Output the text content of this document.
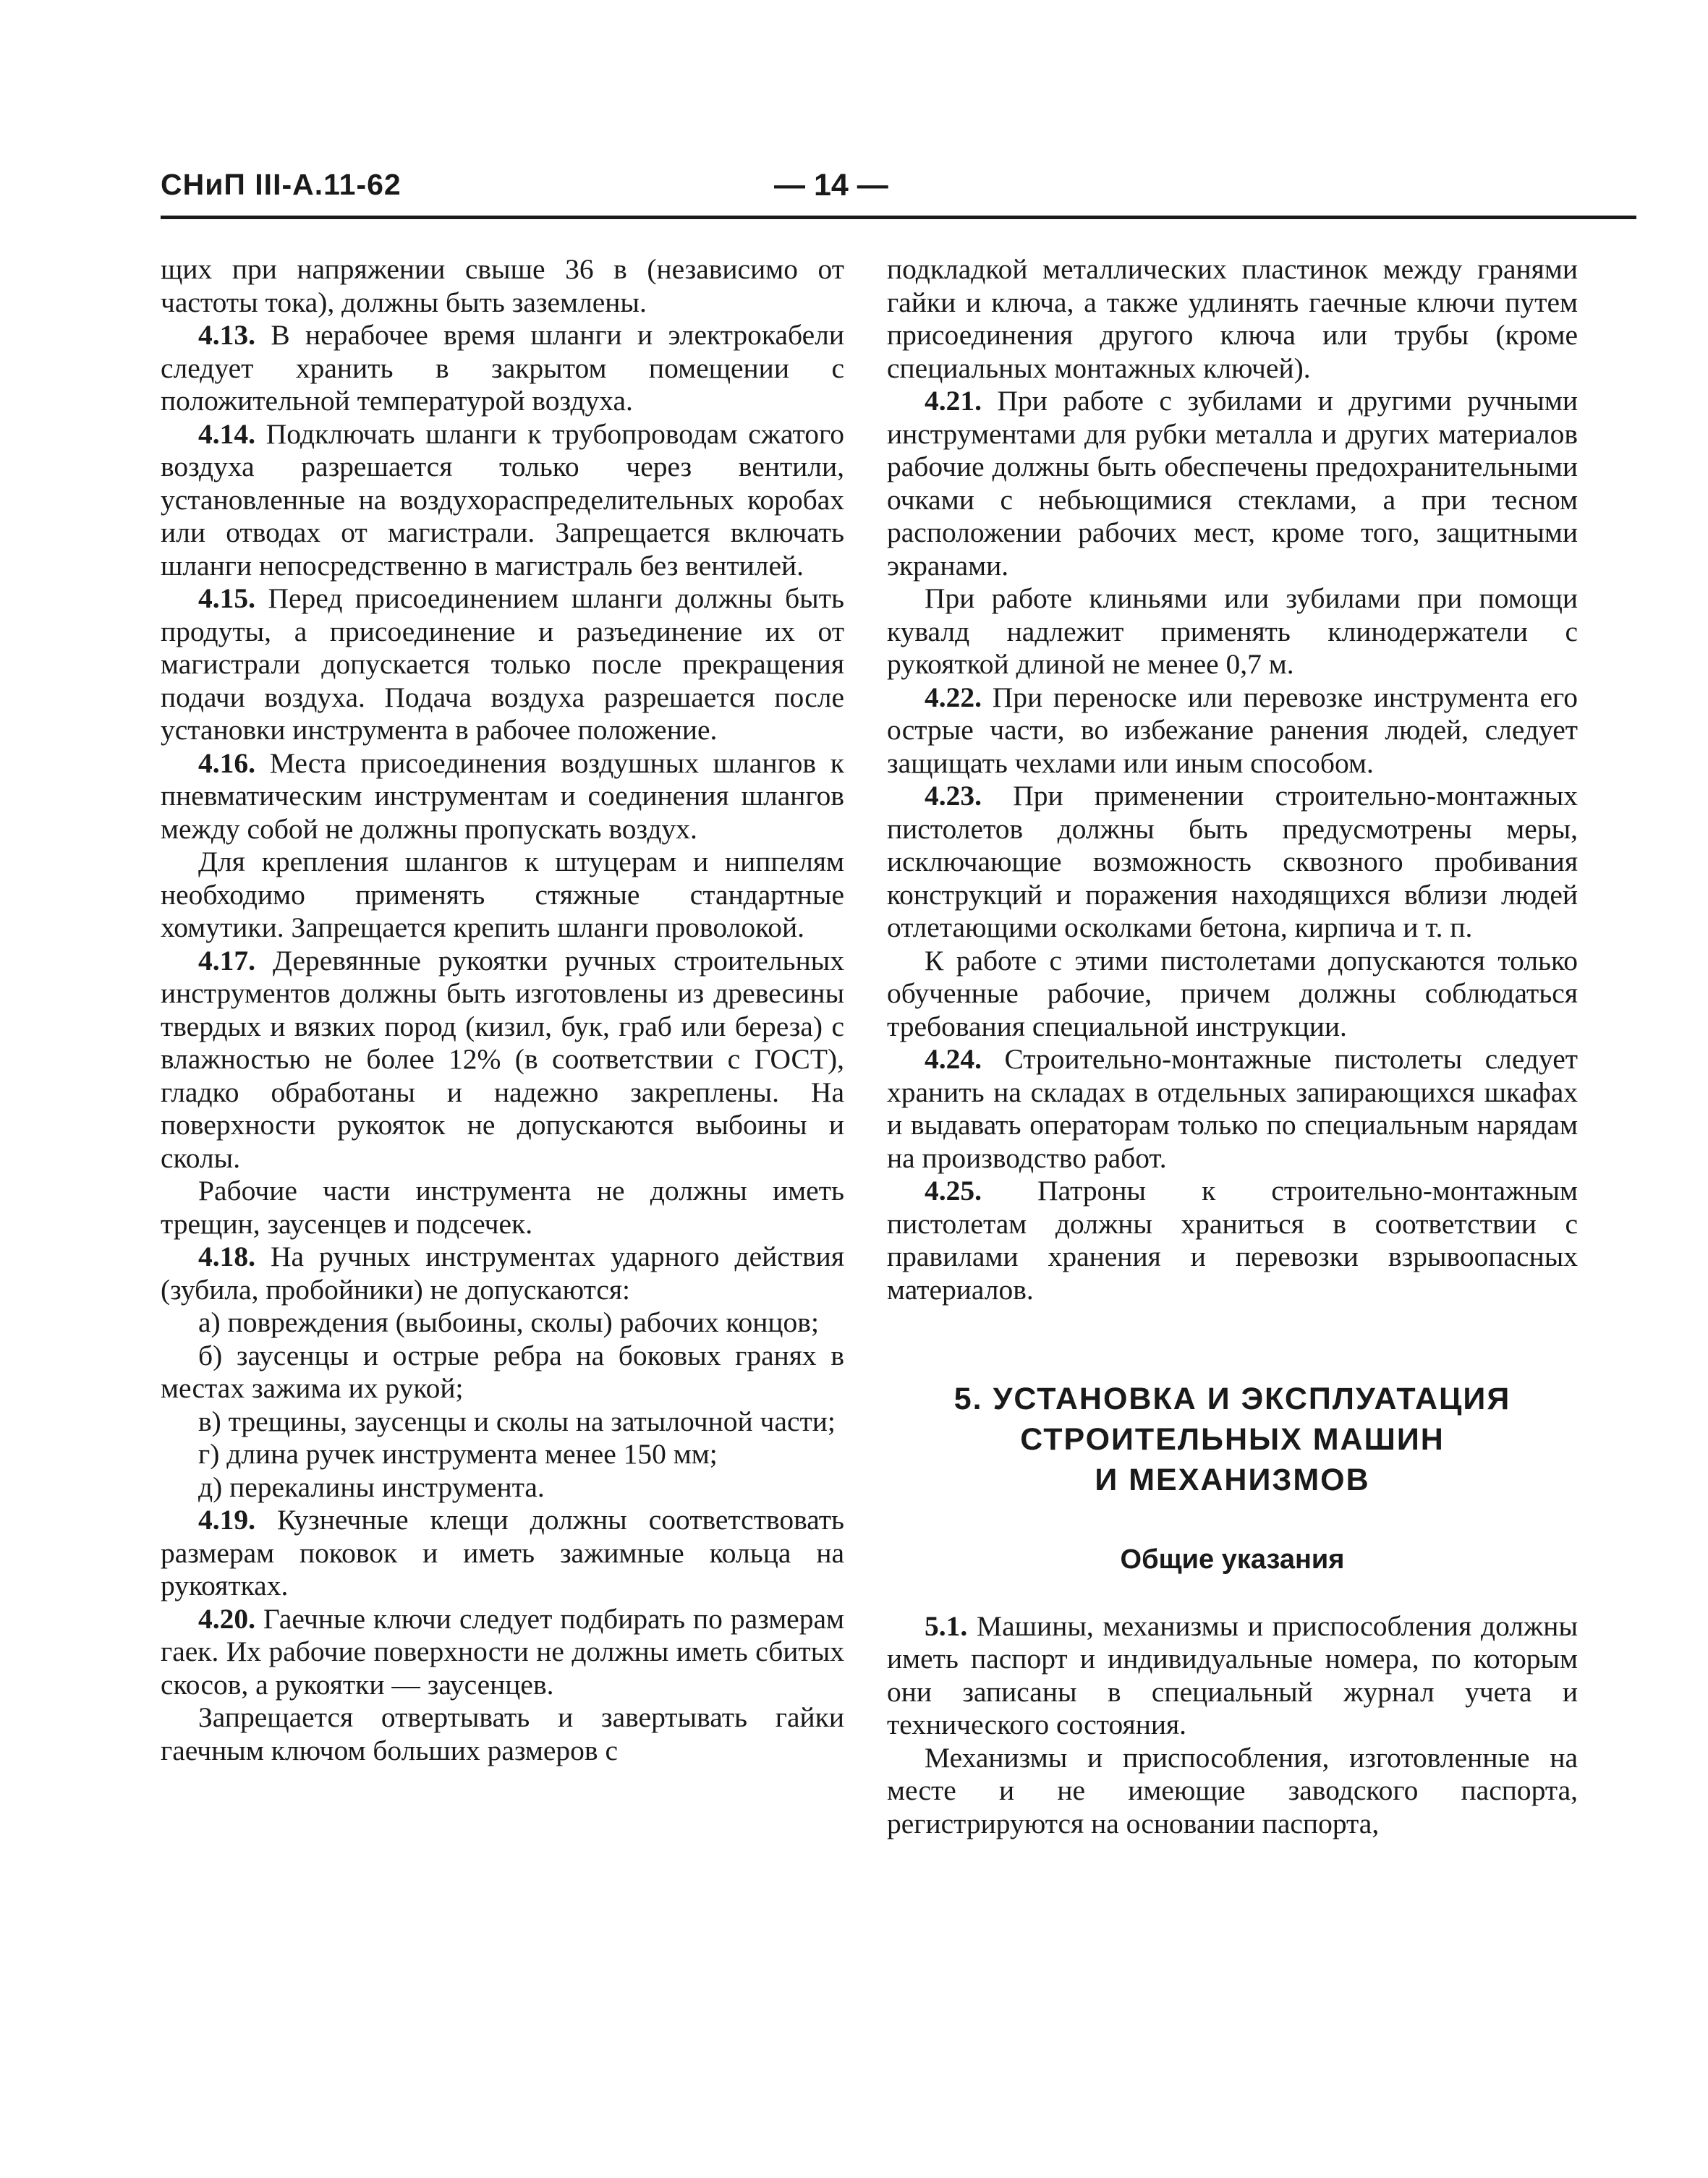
СНиП III-А.11-62	— 14 —

щих при напряжении свыше 36 в (независимо от частоты тока), должны быть заземлены.

4.13. В нерабочее время шланги и электрокабели следует хранить в закрытом помещении с положительной температурой воздуха.

4.14. Подключать шланги к трубопроводам сжатого воздуха разрешается только через вентили, установленные на воздухораспределительных коробах или отводах от магистрали. Запрещается включать шланги непосредственно в магистраль без вентилей.

4.15. Перед присоединением шланги должны быть продуты, а присоединение и разъединение их от магистрали допускается только после прекращения подачи воздуха. Подача воздуха разрешается после установки инструмента в рабочее положение.

4.16. Места присоединения воздушных шлангов к пневматическим инструментам и соединения шлангов между собой не должны пропускать воздух.

Для крепления шлангов к штуцерам и ниппелям необходимо применять стяжные стандартные хомутики. Запрещается крепить шланги проволокой.

4.17. Деревянные рукоятки ручных строительных инструментов должны быть изготовлены из древесины твердых и вязких пород (кизил, бук, граб или береза) с влажностью не более 12% (в соответствии с ГОСТ), гладко обработаны и надежно закреплены. На поверхности рукояток не допускаются выбоины и сколы.

Рабочие части инструмента не должны иметь трещин, заусенцев и подсечек.

4.18. На ручных инструментах ударного действия (зубила, пробойники) не допускаются:

а) повреждения (выбоины, сколы) рабочих концов;

б) заусенцы и острые ребра на боковых гранях в местах зажима их рукой;

в) трещины, заусенцы и сколы на затылочной части;

г) длина ручек инструмента менее 150 мм;

д) перекалины инструмента.

4.19. Кузнечные клещи должны соответствовать размерам поковок и иметь зажимные кольца на рукоятках.

4.20. Гаечные ключи следует подбирать по размерам гаек. Их рабочие поверхности не должны иметь сбитых скосов, а рукоятки — заусенцев.

Запрещается отвертывать и завертывать гайки гаечным ключом больших размеров с

подкладкой металлических пластинок между гранями гайки и ключа, а также удлинять гаечные ключи путем присоединения другого ключа или трубы (кроме специальных монтажных ключей).

4.21. При работе с зубилами и другими ручными инструментами для рубки металла и других материалов рабочие должны быть обеспечены предохранительными очками с небьющимися стеклами, а при тесном расположении рабочих мест, кроме того, защитными экранами.

При работе клиньями или зубилами при помощи кувалд надлежит применять клинодержатели с рукояткой длиной не менее 0,7 м.

4.22. При переноске или перевозке инструмента его острые части, во избежание ранения людей, следует защищать чехлами или иным способом.

4.23. При применении строительно-монтажных пистолетов должны быть предусмотрены меры, исключающие возможность сквозного пробивания конструкций и поражения находящихся вблизи людей отлетающими осколками бетона, кирпича и т. п.

К работе с этими пистолетами допускаются только обученные рабочие, причем должны соблюдаться требования специальной инструкции.

4.24. Строительно-монтажные пистолеты следует хранить на складах в отдельных запирающихся шкафах и выдавать операторам только по специальным нарядам на производство работ.

4.25. Патроны к строительно-монтажным пистолетам должны храниться в соответствии с правилами хранения и перевозки взрывоопасных материалов.

5. УСТАНОВКА И ЭКСПЛУАТАЦИЯ
СТРОИТЕЛЬНЫХ МАШИН
И МЕХАНИЗМОВ
Общие указания

5.1. Машины, механизмы и приспособления должны иметь паспорт и индивидуальные номера, по которым они записаны в специальный журнал учета и технического состояния.

Механизмы и приспособления, изготовленные на месте и не имеющие заводского паспорта, регистрируются на основании паспорта,
